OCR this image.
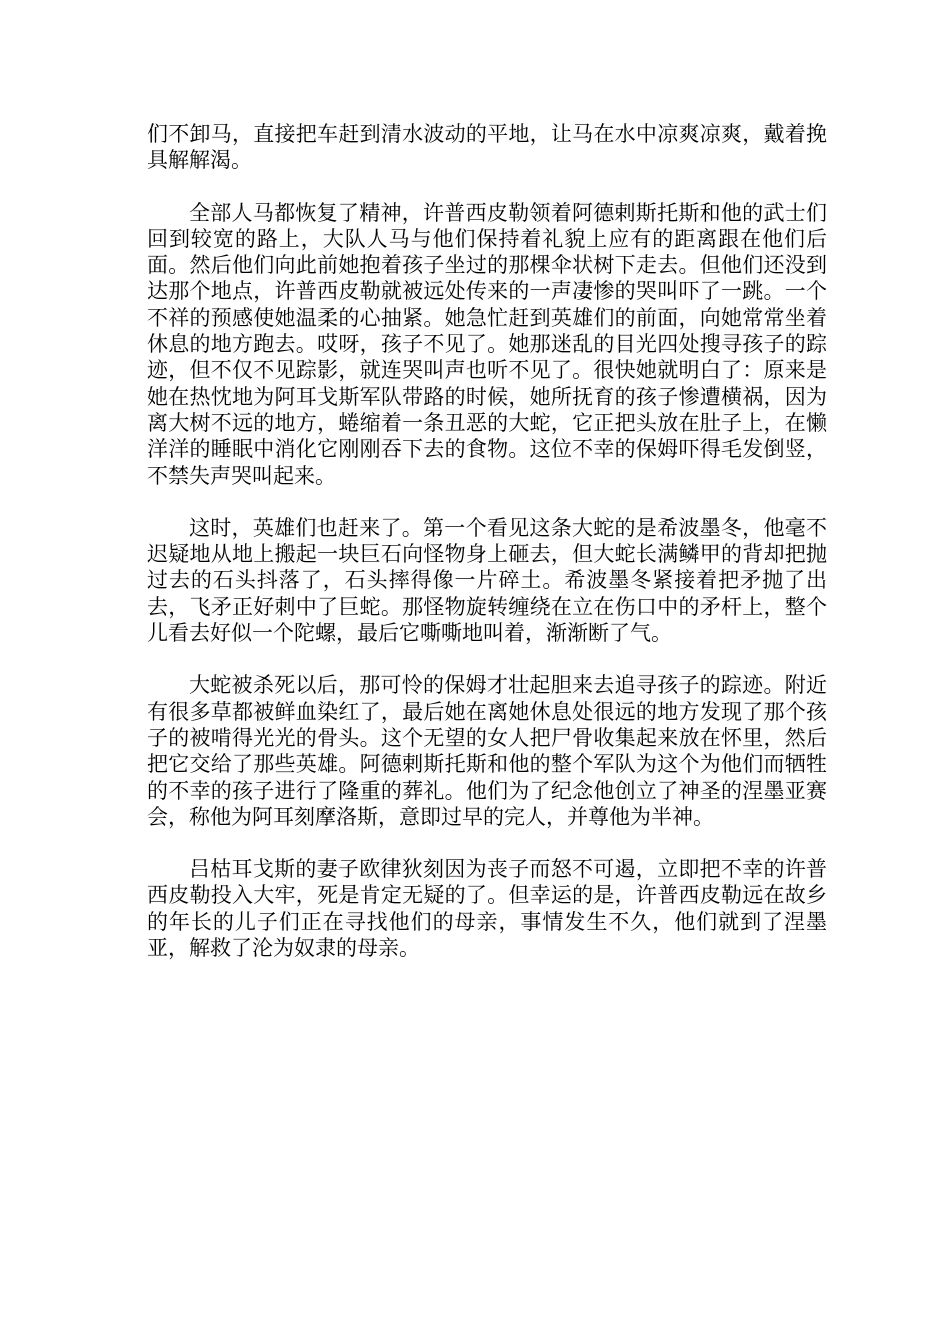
们不卸马，直接把车赶到清水波动的平地，让马在水中凉爽凉爽，戴着挽具解解渴。

全部人马都恢复了精神，许普西皮勒领着阿德剌斯托斯和他的武士们回到较宽的路上，大队人马与他们保持着礼貌上应有的距离跟在他们后面。然后他们向此前她抱着孩子坐过的那棵伞状树下走去。但他们还没到达那个地点，许普西皮勒就被远处传来的一声凄惨的哭叫吓了一跳。一个不祥的预感使她温柔的心抽紧。她急忙赶到英雄们的前面，向她常常坐着休息的地方跑去。哎呀，孩子不见了。她那迷乱的目光四处搜寻孩子的踪迹，但不仅不见踪影，就连哭叫声也听不见了。很快她就明白了：原来是她在热忱地为阿耳戈斯军队带路的时候，她所抚育的孩子惨遭横祸，因为离大树不远的地方，蜷缩着一条丑恶的大蛇，它正把头放在肚子上，在懒洋洋的睡眠中消化它刚刚吞下去的食物。这位不幸的保姆吓得毛发倒竖，不禁失声哭叫起来。

这时，英雄们也赶来了。第一个看见这条大蛇的是希波墨冬，他毫不迟疑地从地上搬起一块巨石向怪物身上砸去，但大蛇长满鳞甲的背却把抛过去的石头抖落了，石头摔得像一片碎土。希波墨冬紧接着把矛抛了出去，飞矛正好刺中了巨蛇。那怪物旋转缠绕在立在伤口中的矛杆上，整个儿看去好似一个陀螺，最后它嘶嘶地叫着，渐渐断了气。

大蛇被杀死以后，那可怜的保姆才壮起胆来去追寻孩子的踪迹。附近有很多草都被鲜血染红了，最后她在离她休息处很远的地方发现了那个孩子的被啃得光光的骨头。这个无望的女人把尸骨收集起来放在怀里，然后把它交给了那些英雄。阿德剌斯托斯和他的整个军队为这个为他们而牺牲的不幸的孩子进行了隆重的葬礼。他们为了纪念他创立了神圣的涅墨亚赛会，称他为阿耳刻摩洛斯，意即过早的完人，并尊他为半神。

吕枯耳戈斯的妻子欧律狄刻因为丧子而怒不可遏，立即把不幸的许普西皮勒投入大牢，死是肯定无疑的了。但幸运的是，许普西皮勒远在故乡的年长的儿子们正在寻找他们的母亲，事情发生不久，他们就到了涅墨亚，解救了沦为奴隶的母亲。
